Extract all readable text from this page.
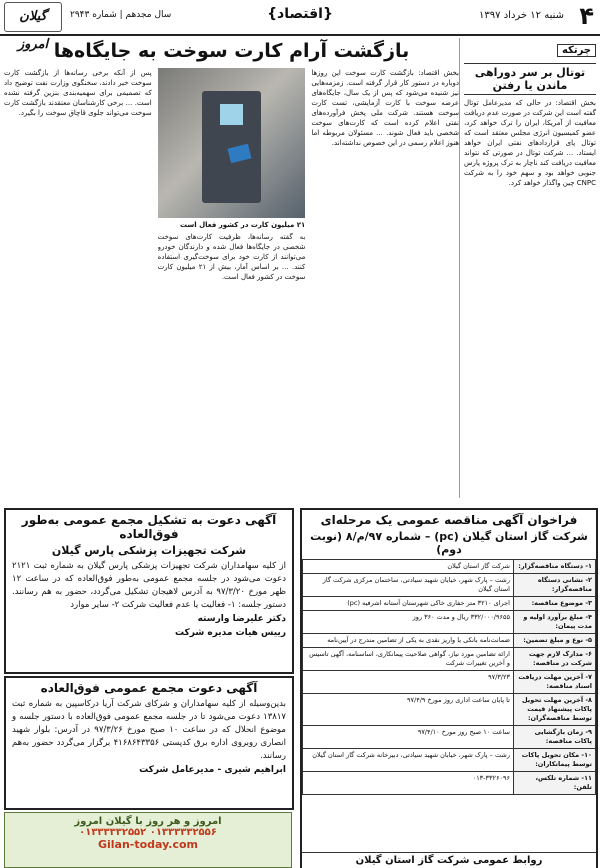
۴
شنبه ۱۲ خرداد ۱۳۹۷
{اقتصاد}
سال مجدهم | شماره ۲۹۴۳
گیلان امروز	چرتکه
توتال بر سر دوراهی ماندن یا رفتن
بخش اقتصاد: در حالی که مدیرعامل توتال گفته است این شرکت در صورت عدم دریافت معافیت از آمریکا، ایران را ترک خواهد کرد، عضو کمیسیون انرژی مجلس معتقد است که توتال پای قراردادهای نفتی ایران خواهد ایستاد. ... شرکت توتال در صورتی که نتواند معافیت دریافت کند ناچار به ترک پروژه پارس جنوبی خواهد بود و سهم خود را به شرکت CNPC چین واگذار خواهد کرد.
بازگشت آرام کارت سوخت به جایگاه‌ها
بخش اقتصاد: بازگشت کارت سوخت این روزها دوباره در دستور کار قرار گرفته است. زمزمه‌هایی نیز شنیده می‌شود که پس از یک سال، جایگاه‌های عرضه سوخت با کارت آزمایشی، تست کارت سوخت هستند. شرکت ملی پخش فرآورده‌های نفتی اعلام کرده است که کارت‌های سوخت شخصی باید فعال شوند. ... مسئولان مربوطه اما هنوز اعلام رسمی در این خصوص نداشته‌اند.
۲۱ میلیون کارت در کشور فعال است
به گفته رسانه‌ها، ظرفیت کارت‌های سوخت شخصی در جایگاه‌ها فعال شده و دارندگان خودرو می‌توانند از کارت خود برای سوخت‌گیری استفاده کنند. ... بر اساس آمار، بیش از ۲۱ میلیون کارت سوخت در کشور فعال است.
پس از آنکه برخی رسانه‌ها از بازگشت کارت سوخت خبر دادند، سخنگوی وزارت نفت توضیح داد که تصمیمی برای سهمیه‌بندی بنزین گرفته نشده است. ... برخی کارشناسان معتقدند بازگشت کارت سوخت می‌تواند جلوی قاچاق سوخت را بگیرد.
فراخوان آگهی مناقصه عمومی یک مرحله‌ای
شرکت گاز استان گیلان (pc) – شماره ۹۷/م/۸ (نوبت دوم)
۱- دستگاه مناقصه‌گزار:	شرکت گاز استان گیلان
۲- نشانی دستگاه مناقصه‌گزار:	رشت – پارک شهر، خیابان شهید سیادتی، ساختمان مرکزی شرکت گاز استان گیلان
۳- موضوع مناقصه:	اجرای ۳۲۱۰ متر حفاری خاکی شهرستان آستانه اشرفیه (pc)
۴- مبلغ برآورد اولیه و مدت پیمان:	۳۳۲/۰۰۰/۹۶۵۵ ریال و مدت ۳۶۰ روز
۵- نوع و مبلغ تضمین:	ضمانت‌نامه بانکی یا واریز نقدی به یکی از تضامین مندرج در آیین‌نامه
۶- مدارک لازم جهت شرکت در مناقصه:	ارائه تضامین مورد نیاز، گواهی صلاحیت پیمانکاری، اساسنامه، آگهی تاسیس و آخرین تغییرات شرکت
۷- آخرین مهلت دریافت اسناد مناقصه:	۹۷/۳/۲۳
۸- آخرین مهلت تحویل پاکات پیشنهاد قیمت توسط مناقصه‌گران:	تا پایان ساعت اداری روز مورخ ۹۷/۴/۹
۹- زمان بازگشایی پاکات مناقصه:	ساعت ۱۰ صبح روز مورخ ۹۷/۴/۱۰
۱۰- مکان تحویل پاکات توسط پیمانکاران:	رشت – پارک شهر، خیابان شهید سیادتی، دبیرخانه شرکت گاز استان گیلان
۱۱- شماره تلکس، تلفن:	۰۱۳-۳۳۲۶۰۹۶
روابط عمومی شرکت گاز استان گیلان
آگهی دعوت به تشکیل مجمع عمومی به‌طور فوق‌العاده
شرکت تجهیزات پزشکی پارس گیلان
از کلیه سهامداران شرکت تجهیزات پزشکی پارس گیلان به شماره ثبت ۲۱۲۱ دعوت می‌شود در جلسه مجمع عمومی به‌طور فوق‌العاده که در ساعت ۱۲ ظهر مورخ ۹۷/۳/۲۰ به آدرس لاهیجان تشکیل می‌گردد، حضور به هم رسانند. دستور جلسه: ۱- فعالیت یا عدم فعالیت شرکت ۲- سایر موارد
دکتر علیرضا وارسته
رییس هیات مدیره شرکت
آگهی دعوت مجمع عمومی فوق‌العاده
بدین‌وسیله از کلیه سهامداران و شرکای شرکت آریا درکاسپین به شماره ثبت ۱۳۸۱۷ دعوت می‌شود تا در جلسه مجمع عمومی فوق‌العاده با دستور جلسه و موضوع انحلال که در ساعت ۱۰ صبح مورخ ۹۷/۳/۲۶ در آدرس: بلوار شهید انصاری روبروی اداره برق کدپستی ۴۱۶۸۶۴۳۳۵۶ برگزار می‌گردد حضور به‌هم رسانند.
ابراهیم شیری - مدیرعامل شرکت
امروز و هر روز با گیلان امروز
۰۱۳۳۳۳۳۲۵۵۲ ۰۱۳۳۳۳۳۲۵۵۶
Gilan-today.com
